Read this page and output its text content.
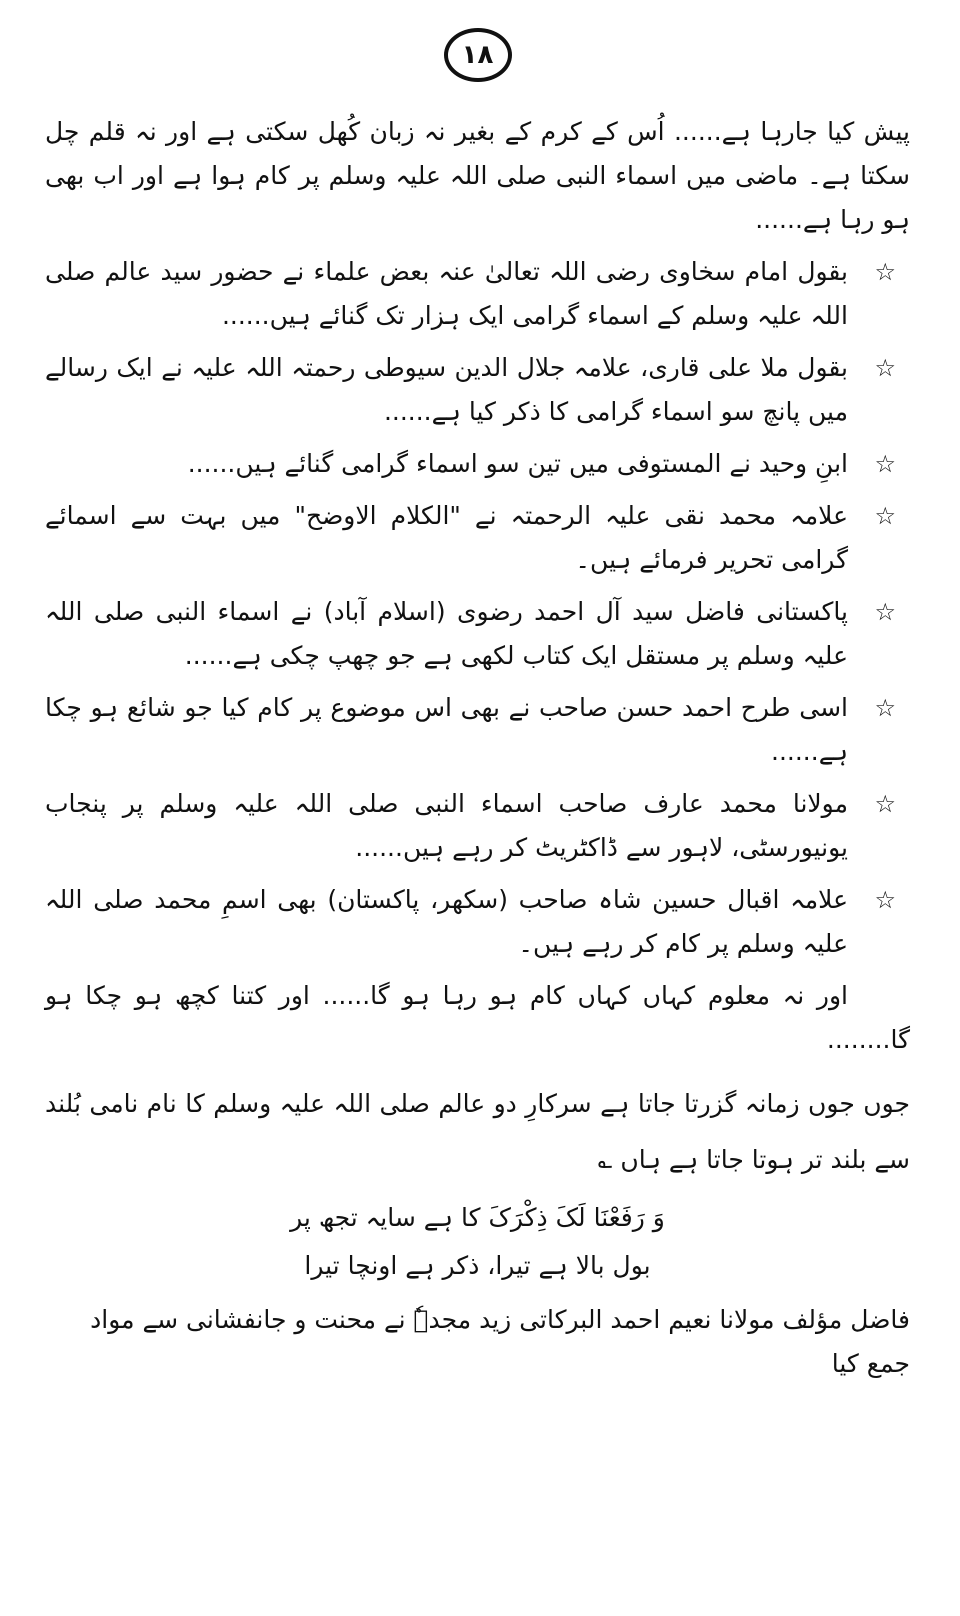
١٨

پیش کیا جارہا ہے...... اُس کے کرم کے بغیر نہ زبان کُھل سکتی ہے اور نہ قلم چل سکتا ہے۔ ماضی میں اسماء النبی صلی اللہ علیہ وسلم پر کام ہوا ہے اور اب بھی ہو رہا ہے......

☆
بقول امام سخاوی رضی اللہ تعالیٰ عنہ بعض علماء نے حضور سید عالم صلی اللہ علیہ وسلم کے اسماء گرامی ایک ہزار تک گنائے ہیں......
☆
بقول ملا علی قاری، علامہ جلال الدین سیوطی رحمتہ اللہ علیہ نے ایک رسالے میں پانچ سو اسماء گرامی کا ذکر کیا ہے......
☆
ابنِ وحید نے المستوفی میں تین سو اسماء گرامی گنائے ہیں......
☆
علامہ محمد نقی علیہ الرحمتہ نے "الکلام الاوضح" میں بہت سے اسمائے گرامی تحریر فرمائے ہیں۔
☆
پاکستانی فاضل سید آل احمد رضوی (اسلام آباد) نے اسماء النبی صلی اللہ علیہ وسلم پر مستقل ایک کتاب لکھی ہے جو چھپ چکی ہے......
☆
اسی طرح احمد حسن صاحب نے بھی اس موضوع پر کام کیا جو شائع ہو چکا ہے......
☆
مولانا محمد عارف صاحب اسماء النبی صلی اللہ علیہ وسلم پر پنجاب یونیورسٹی، لاہور سے ڈاکٹریٹ کر رہے ہیں......
☆
علامہ اقبال حسین شاہ صاحب (سکھر، پاکستان) بھی اسمِ محمد صلی اللہ علیہ وسلم پر کام کر رہے ہیں۔

اور نہ معلوم کہاں کہاں کام ہو رہا ہو گا...... اور کتنا کچھ ہو چکا ہو گا........

جوں جوں زمانہ گزرتا جاتا ہے سرکارِ دو عالم صلی اللہ علیہ وسلم کا نام نامی بُلند سے بلند تر ہوتا جاتا ہے ہاں ؎

وَ رَفَعْنَا لَکَ ذِکْرَکَ کا ہے سایہ تجھ پر
بول بالا ہے تیرا، ذکر ہے اونچا تیرا

فاضل مؤلف مولانا نعیم احمد البرکاتی زید مجدہٗ نے محنت و جانفشانی سے مواد جمع کیا
